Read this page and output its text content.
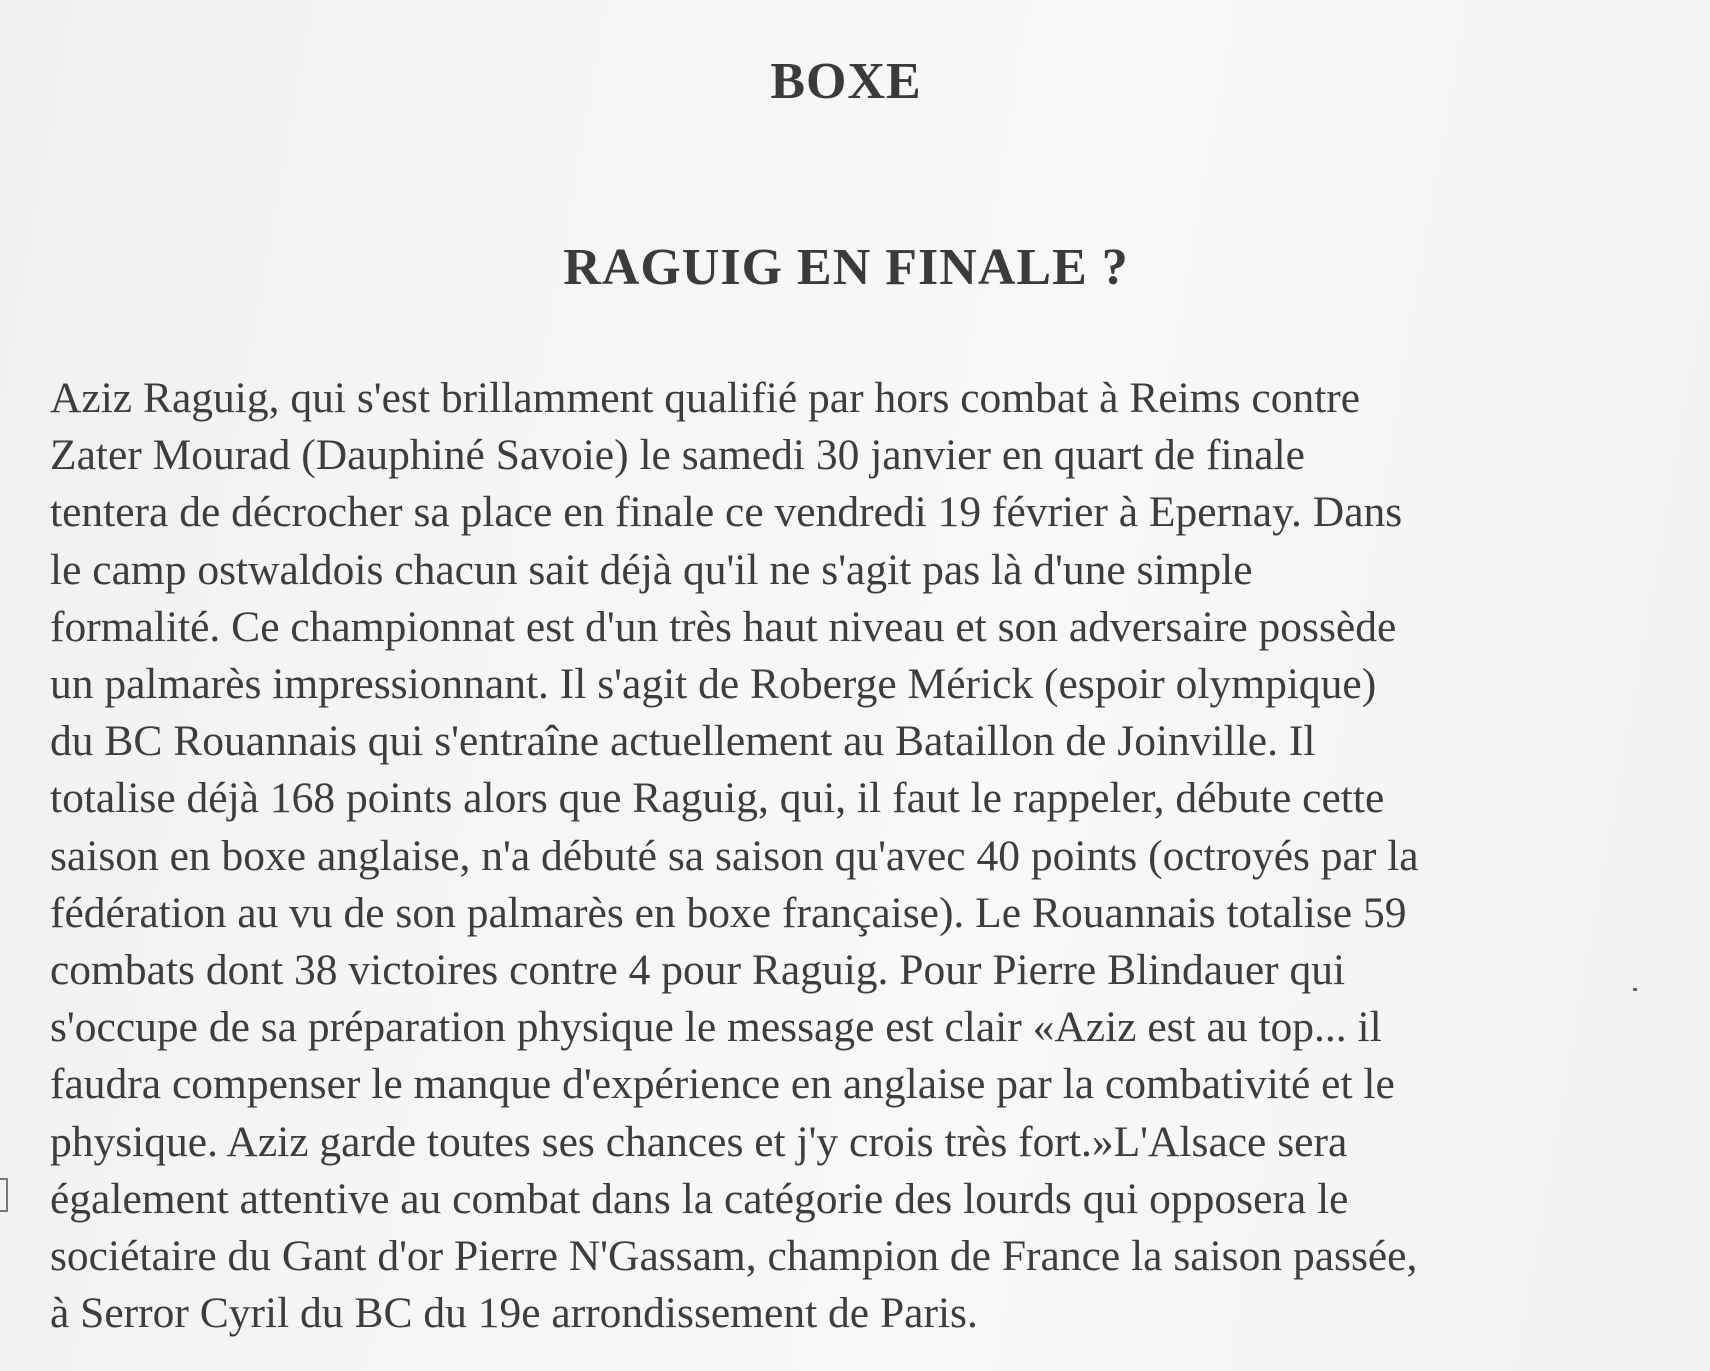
BOXE
RAGUIG EN FINALE ?
Aziz Raguig, qui s'est brillamment qualifié par hors combat à Reims contre
Zater Mourad (Dauphiné Savoie) le samedi 30 janvier en quart de finale
tentera de décrocher sa place en finale ce vendredi 19 février à Epernay. Dans
le camp ostwaldois chacun sait déjà qu'il ne s'agit pas là d'une simple
formalité. Ce championnat est d'un très haut niveau et son adversaire possède
un palmarès impressionnant. Il s'agit de Roberge Mérick (espoir olympique)
du BC Rouannais qui s'entraîne actuellement au Bataillon de Joinville. Il
totalise déjà 168 points alors que Raguig, qui, il faut le rappeler, débute cette
saison en boxe anglaise, n'a débuté sa saison qu'avec 40 points (octroyés par la
fédération au vu de son palmarès en boxe française). Le Rouannais totalise 59
combats dont 38 victoires contre 4 pour Raguig. Pour Pierre Blindauer qui
s'occupe de sa préparation physique le message est clair «Aziz est au top... il
faudra compenser le manque d'expérience en anglaise par la combativité et le
physique. Aziz garde toutes ses chances et j'y crois très fort.»L'Alsace sera
également attentive au combat dans la catégorie des lourds qui opposera le
sociétaire du Gant d'or Pierre N'Gassam, champion de France la saison passée,
à Serror Cyril du BC du 19e arrondissement de Paris.
